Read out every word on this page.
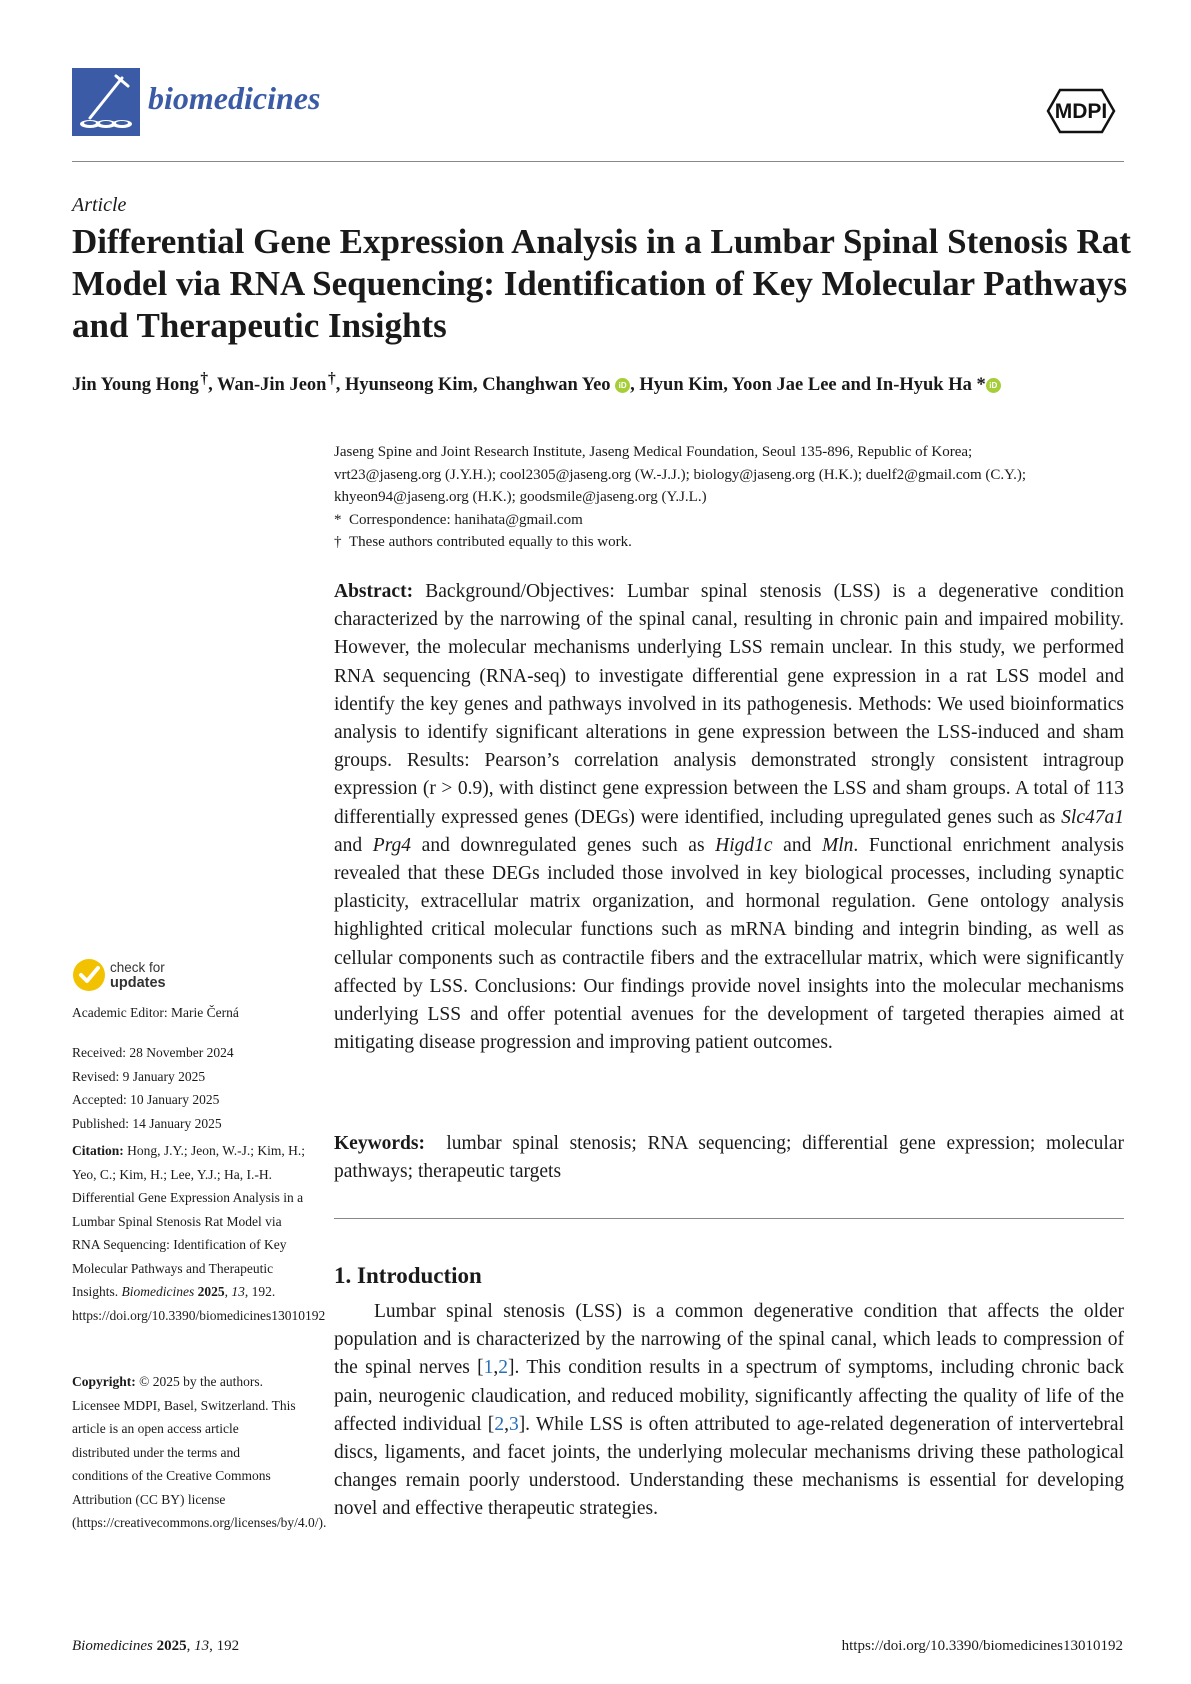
biomedicines	MDPI
Article
Differential Gene Expression Analysis in a Lumbar Spinal Stenosis Rat Model via RNA Sequencing: Identification of Key Molecular Pathways and Therapeutic Insights
Jin Young Hong  †, Wan-Jin Jeon  †, Hyunseong Kim, Changhwan Yeo iD , Hyun Kim, Yoon Jae Lee and In-Hyuk Ha * iD

Jaseng Spine and Joint Research Institute, Jaseng Medical Foundation, Seoul 135-896, Republic of Korea;

vrt23@jaseng.org (J.Y.H.); cool2305@jaseng.org (W.-J.J.); biology@jaseng.org (H.K.); duelf2@gmail.com (C.Y.);

khyeon94@jaseng.org (H.K.); goodsmile@jaseng.org (Y.J.L.)

* Correspondence: hanihata@gmail.com

† These authors contributed equally to this work.

Abstract: Background/Objectives: Lumbar spinal stenosis (LSS) is a degenerative condition characterized by the narrowing of the spinal canal, resulting in chronic pain and impaired mobility. However, the molecular mechanisms underlying LSS remain unclear. In this study, we performed RNA sequencing (RNA-seq) to investigate differential gene expression in a rat LSS model and identify the key genes and pathways involved in its pathogenesis. Methods: We used bioinformatics analysis to identify significant alterations in gene expression between the LSS-induced and sham groups. Results: Pearson’s correlation analysis demonstrated strongly consistent intragroup expression (r > 0.9), with distinct gene expression between the LSS and sham groups. A total of 113 differentially expressed genes (DEGs) were identified, including upregulated genes such as Slc47a1 and Prg4 and downregulated genes such as Higd1c and Mln. Functional enrichment analysis revealed that these DEGs included those involved in key biological processes, including synaptic plasticity, extracellular matrix organization, and hormonal regulation. Gene ontology analysis highlighted critical molecular functions such as mRNA binding and integrin binding, as well as cellular components such as contractile fibers and the extracellular matrix, which were significantly affected by LSS. Conclusions: Our findings provide novel insights into the molecular mechanisms underlying LSS and offer potential avenues for the development of targeted therapies aimed at mitigating disease progression and improving patient outcomes.

Keywords: lumbar spinal stenosis; RNA sequencing; differential gene expression; molecular pathways; therapeutic targets

1. Introduction

Lumbar spinal stenosis (LSS) is a common degenerative condition that affects the older population and is characterized by the narrowing of the spinal canal, which leads to compression of the spinal nerves [1,2]. This condition results in a spectrum of symptoms, including chronic back pain, neurogenic claudication, and reduced mobility, significantly affecting the quality of life of the affected individual [2,3]. While LSS is often attributed to age-related degeneration of intervertebral discs, ligaments, and facet joints, the underlying molecular mechanisms driving these pathological changes remain poorly understood. Understanding these mechanisms is essential for developing novel and effective therapeutic strategies.

check for
updates
Academic Editor: Marie Černá

Received: 28 November 2024

Revised: 9 January 2025

Accepted: 10 January 2025

Published: 14 January 2025

Citation: Hong, J.Y.; Jeon, W.-J.; Kim, H.; Yeo, C.; Kim, H.; Lee, Y.J.; Ha, I.-H. Differential Gene Expression Analysis in a Lumbar Spinal Stenosis Rat Model via RNA Sequencing: Identification of Key Molecular Pathways and Therapeutic Insights. Biomedicines 2025, 13, 192. https://doi.org/10.3390/biomedicines13010192
Copyright: © 2025 by the authors. Licensee MDPI, Basel, Switzerland. This article is an open access article distributed under the terms and conditions of the Creative Commons Attribution (CC BY) license (https://creativecommons.org/licenses/by/4.0/).
Biomedicines 2025, 13, 192	https://doi.org/10.3390/biomedicines13010192
